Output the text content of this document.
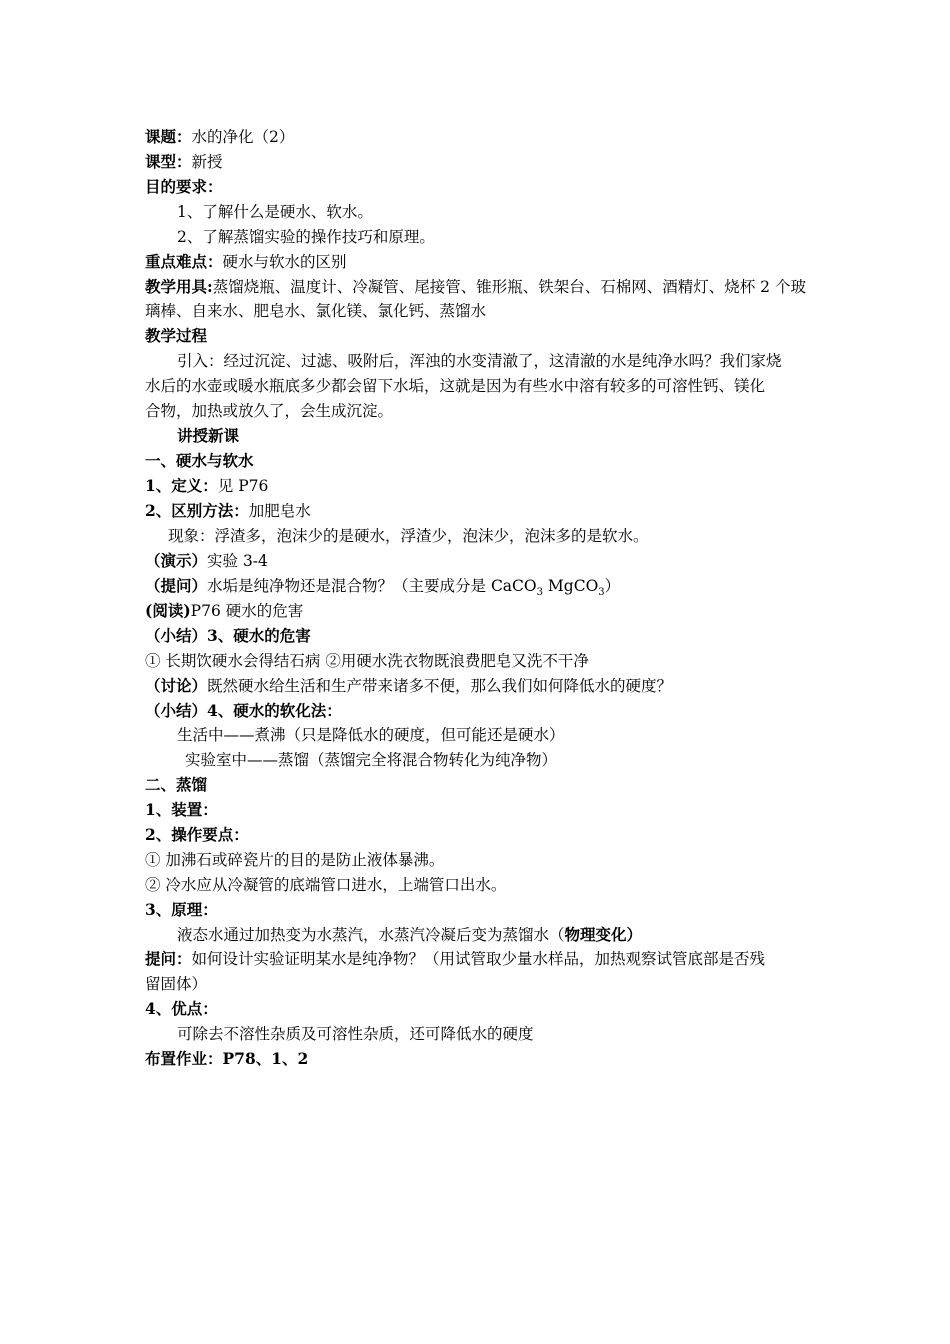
课题：水的净化（2）
课型：新授
目的要求：
1、了解什么是硬水、软水。
2、了解蒸馏实验的操作技巧和原理。
重点难点：硬水与软水的区别
教学用具:蒸馏烧瓶、温度计、冷凝管、尾接管、锥形瓶、铁架台、石棉网、酒精灯、烧杯 2 个玻
璃棒、自来水、肥皂水、氯化镁、氯化钙、蒸馏水
教学过程
引入：经过沉淀、过滤、吸附后，浑浊的水变清澈了，这清澈的水是纯净水吗？我们家烧
水后的水壶或暖水瓶底多少都会留下水垢，这就是因为有些水中溶有较多的可溶性钙、镁化
合物，加热或放久了，会生成沉淀。
讲授新课
一、硬水与软水
1、定义：见 P76
2、区别方法：加肥皂水
现象：浮渣多，泡沫少的是硬水，浮渣少，泡沫少，泡沫多的是软水。
（演示）实验 3-4
（提问）水垢是纯净物还是混合物？（主要成分是 CaCO$_3$ MgCO$_3$）
(阅读)P76 硬水的危害
（小结）3、硬水的危害
① 长期饮硬水会得结石病 ②用硬水洗衣物既浪费肥皂又洗不干净
（讨论）既然硬水给生活和生产带来诸多不便，那么我们如何降低水的硬度？
（小结）4、硬水的软化法：
生活中——煮沸（只是降低水的硬度，但可能还是硬水）
实验室中——蒸馏（蒸馏完全将混合物转化为纯净物）
二、蒸馏
1、装置：
2、操作要点：
① 加沸石或碎瓷片的目的是防止液体暴沸。
② 冷水应从冷凝管的底端管口进水，上端管口出水。
3、原理：
液态水通过加热变为水蒸汽，水蒸汽冷凝后变为蒸馏水（物理变化）
提问：如何设计实验证明某水是纯净物？（用试管取少量水样品，加热观察试管底部是否残
留固体）
4、优点：
可除去不溶性杂质及可溶性杂质，还可降低水的硬度
布置作业：P78、1、2
